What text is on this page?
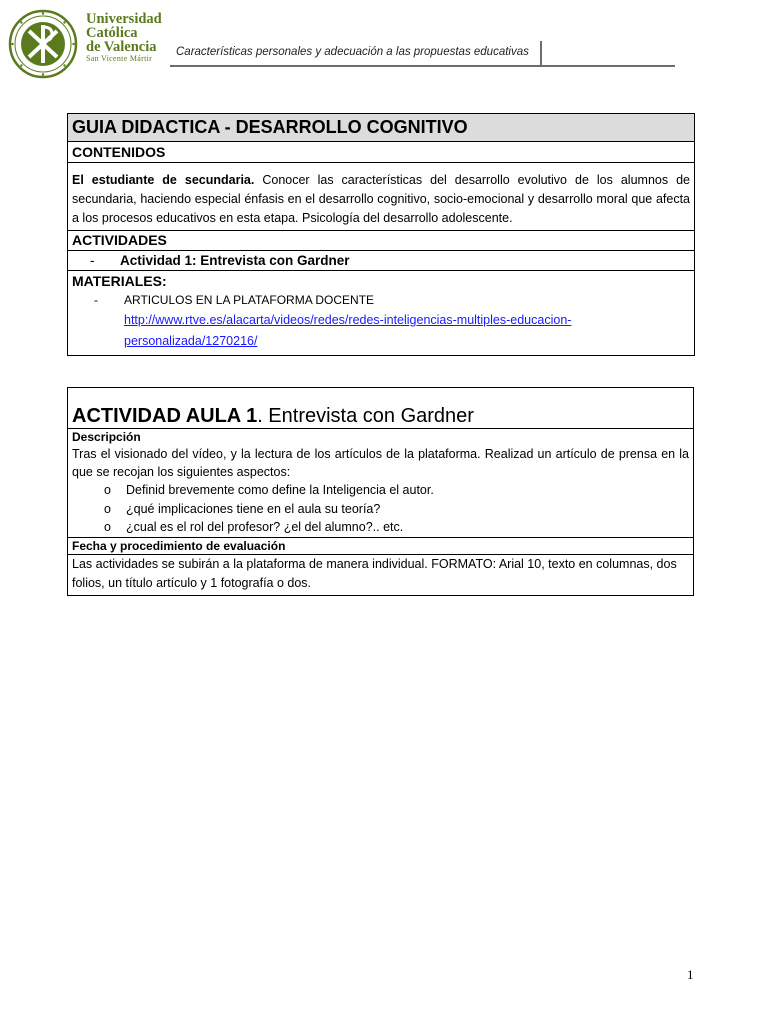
Universidad
Católica
de Valencia
San Vicente Mártir
Características personales y adecuación a las propuestas educativas
GUIA DIDACTICA - DESARROLLO COGNITIVO
CONTENIDOS
El estudiante de secundaria. Conocer las características del desarrollo evolutivo de los alumnos de secundaria, haciendo especial énfasis en el desarrollo cognitivo, socio-emocional y desarrollo moral que afecta a los procesos educativos en esta etapa. Psicología del desarrollo adolescente.
ACTIVIDADES
- Actividad 1: Entrevista con Gardner

MATERIALES:
- ARTICULOS EN LA PLATAFORMA DOCENTE
http://www.rtve.es/alacarta/videos/redes/redes-inteligencias-multiples-educacion-personalizada/1270216/
ACTIVIDAD AULA 1. Entrevista con Gardner

Descripción
Tras el visionado del vídeo, y la lectura de los artículos de la plataforma. Realizad un artículo de prensa en la que se recojan los siguientes aspectos:
o Definid brevemente como define la Inteligencia el autor.
o ¿qué implicaciones tiene en el aula su teoría?
o ¿cual es el rol del profesor? ¿el del alumno?.. etc.

Fecha y procedimiento de evaluación
Las actividades se subirán a la plataforma de manera individual. FORMATO: Arial 10, texto en columnas, dos folios, un título artículo y 1 fotografía o dos.
1
